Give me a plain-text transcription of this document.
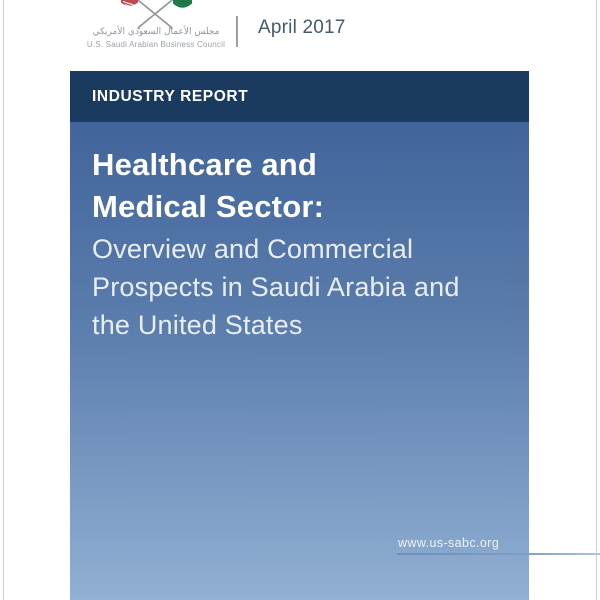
مجلس الأعمال السعودي الأمريكي
U.S. Saudi Arabian Business Council
April 2017
INDUSTRY REPORT
Healthcare and
Medical Sector:
Overview and Commercial
Prospects in Saudi Arabia and
the United States
www.us-sabc.org
